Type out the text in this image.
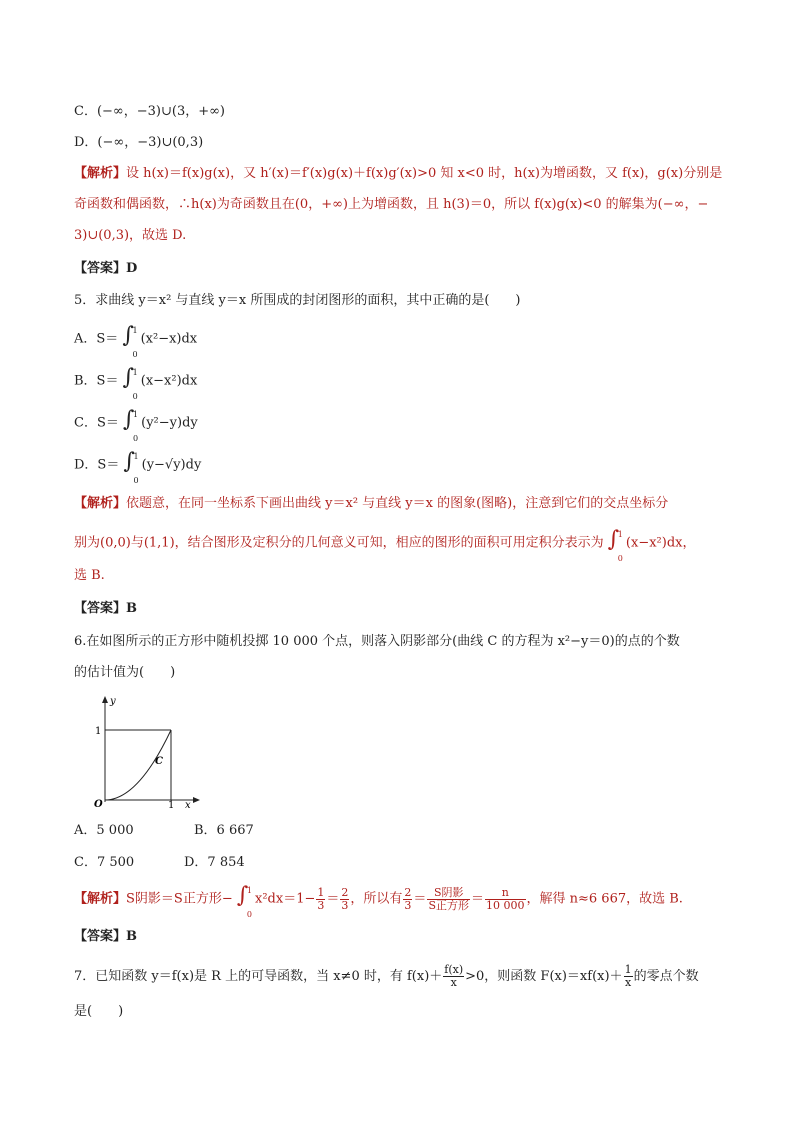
C．(−∞，−3)∪(3，+∞)
D．(−∞，−3)∪(0,3)
【解析】设 h(x)＝f(x)g(x)，又 h′(x)＝f′(x)g(x)＋f(x)g′(x)>0 知 x<0 时，h(x)为增函数，又 f(x)，g(x)分别是
奇函数和偶函数，∴h(x)为奇函数且在(0，+∞)上为增函数，且 h(3)＝0，所以 f(x)g(x)<0 的解集为(−∞，−
3)∪(0,3)，故选 D.
【答案】D
5．求曲线 y＝x² 与直线 y＝x 所围成的封闭图形的面积，其中正确的是(　　)
A．S＝ ∫
1
0
(x²−x)dx
B．S＝ ∫
1
0
(x−x²)dx
C．S＝ ∫
1
0
(y²−y)dy
D．S＝ ∫
1
0
(y−√y)dy
【解析】依题意，在同一坐标系下画出曲线 y＝x² 与直线 y＝x 的图象(图略)，注意到它们的交点坐标分
别为(0,0)与(1,1)，结合图形及定积分的几何意义可知，相应的图形的面积可用定积分表示为 ∫
1
0
(x−x²)dx，
选 B.
【答案】B
6.在如图所示的正方形中随机投掷 10 000 个点，则落入阴影部分(曲线 C 的方程为 x²−y＝0)的点的个数
的估计值为(　　)
y
1
O	1 x
C
A．5 000	B．6 667
C．7 500	D．7 854
【解析】S阴影＝S正方形− ∫
1
0
$x^2dx=1- \frac{1}{3} = \frac{2}{3}$ ，所以有 $\frac{2}{3} = \frac{\text{S阴影}}{\text{S正方形}} = \frac{n}{10 000}$ ，解得 n≈6 667，故选 B.
【答案】B
7．已知函数 y＝f(x)是 R 上的可导函数，当 x≠0 时，有 $f(x)+ \frac{f(x)}{x} >0$，则函数 $F(x)=xf(x)+ \frac{1}{x}$ 的零点个数
是(　　)
